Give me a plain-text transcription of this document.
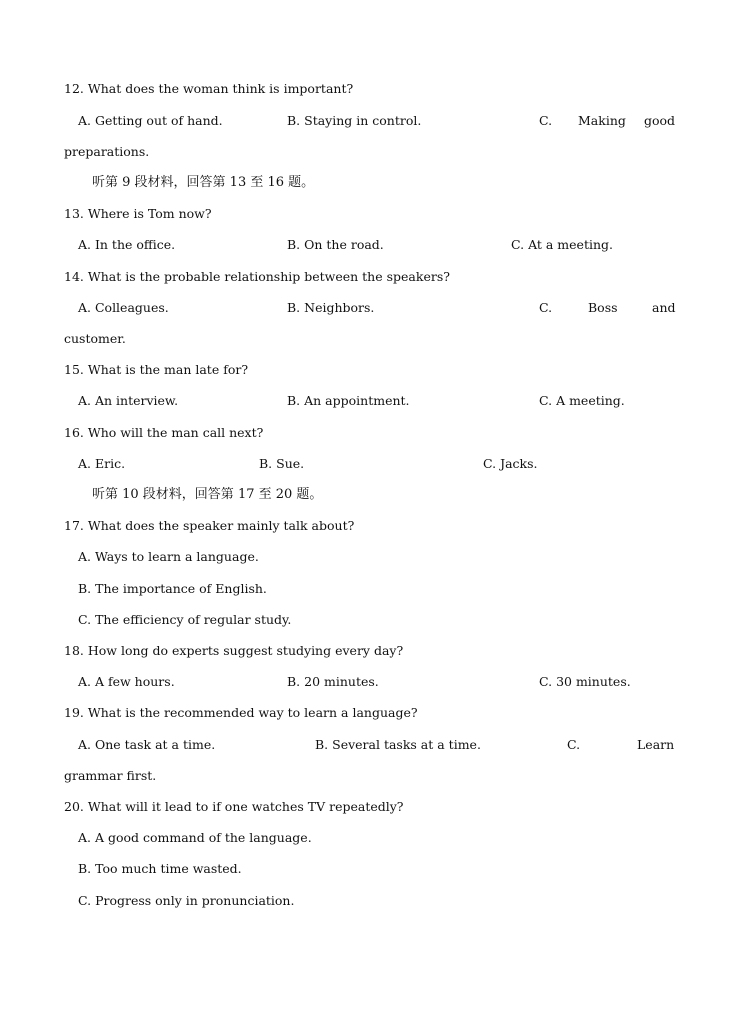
12. What does the woman think is important?
A. Getting out of hand.	B. Staying in control.	C. Making good
preparations.
听第 9 段材料，回答第 13 至 16 题。
13. Where is Tom now?
A. In the office.	B. On the road.	C. At a meeting.
14. What is the probable relationship between the speakers?
A. Colleagues.	B. Neighbors.	C.	Boss	and
customer.
15. What is the man late for?
A. An interview.	B. An appointment.	C. A meeting.
16. Who will the man call next?
A. Eric.	B. Sue.	C. Jacks.
听第 10 段材料，回答第 17 至 20 题。
17. What does the speaker mainly talk about?
A. Ways to learn a language.
B. The importance of English.
C. The efficiency of regular study.
18. How long do experts suggest studying every day?
A. A few hours.	B. 20 minutes.	C. 30 minutes.
19. What is the recommended way to learn a language?
A. One task at a time.	B. Several tasks at a time.	C.	Learn
grammar first.
20. What will it lead to if one watches TV repeatedly?
A. A good command of the language.
B. Too much time wasted.
C. Progress only in pronunciation.
